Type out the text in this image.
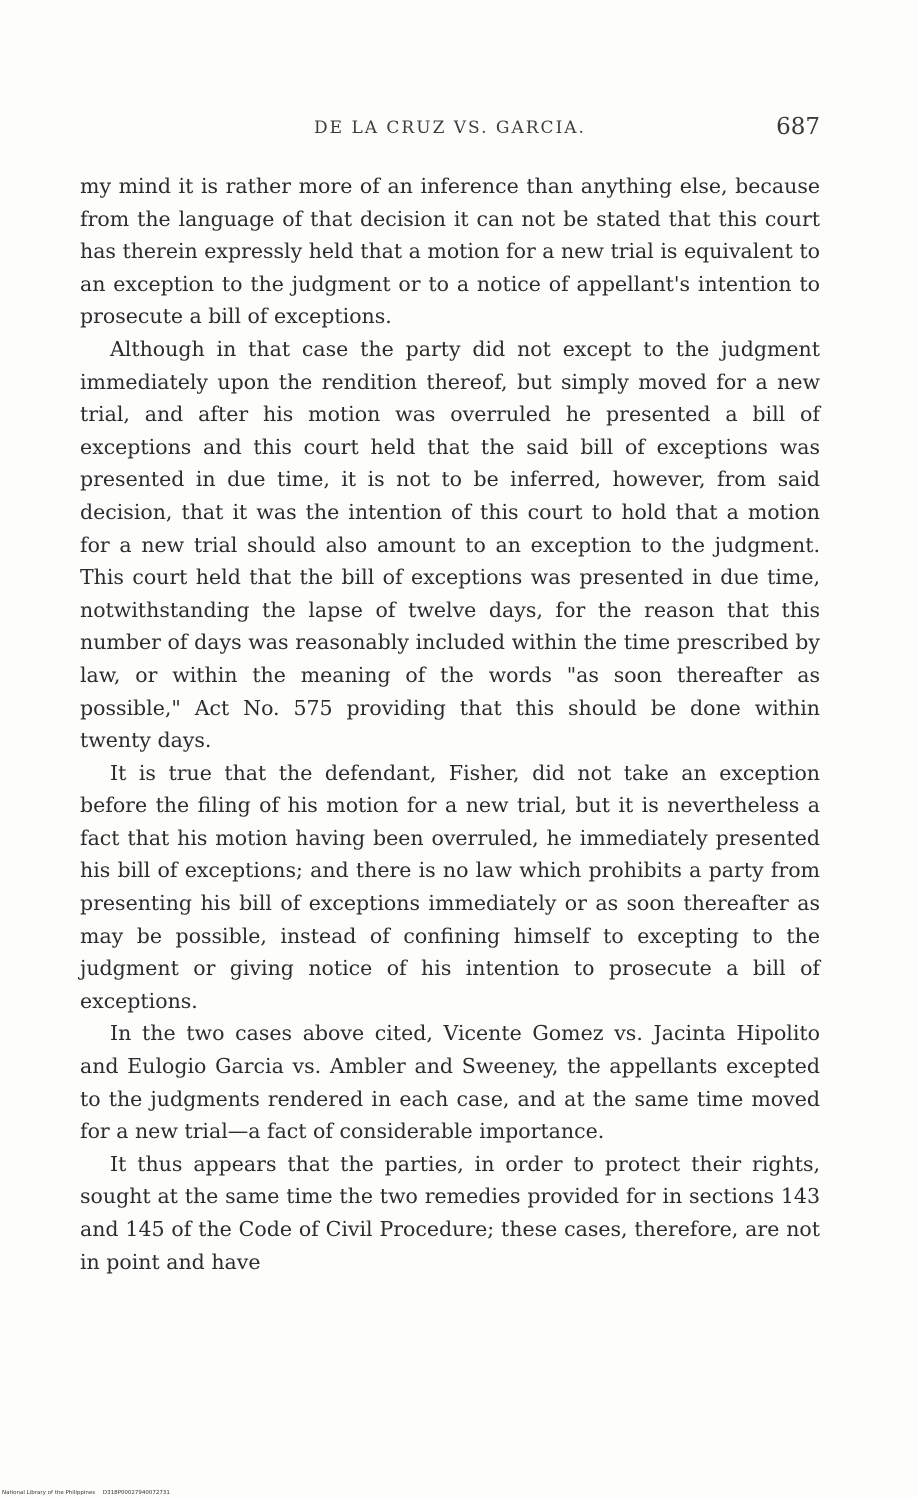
DE LA CRUZ VS. GARCIA.	687

my mind it is rather more of an inference than anything else, because from the language of that decision it can not be stated that this court has therein expressly held that a motion for a new trial is equivalent to an exception to the judgment or to a notice of appellant's intention to prosecute a bill of exceptions.

Although in that case the party did not except to the judgment immediately upon the rendition thereof, but simply moved for a new trial, and after his motion was overruled he presented a bill of exceptions and this court held that the said bill of exceptions was presented in due time, it is not to be inferred, however, from said decision, that it was the intention of this court to hold that a motion for a new trial should also amount to an exception to the judgment. This court held that the bill of exceptions was presented in due time, notwithstanding the lapse of twelve days, for the reason that this number of days was reasonably included within the time prescribed by law, or within the meaning of the words "as soon thereafter as possible," Act No. 575 providing that this should be done within twenty days.

It is true that the defendant, Fisher, did not take an exception before the filing of his motion for a new trial, but it is nevertheless a fact that his motion having been overruled, he immediately presented his bill of exceptions; and there is no law which prohibits a party from presenting his bill of exceptions immediately or as soon thereafter as may be possible, instead of confining himself to excepting to the judgment or giving notice of his intention to prosecute a bill of exceptions.

In the two cases above cited, Vicente Gomez vs. Jacinta Hipolito and Eulogio Garcia vs. Ambler and Sweeney, the appellants excepted to the judgments rendered in each case, and at the same time moved for a new trial—a fact of considerable importance.

It thus appears that the parties, in order to protect their rights, sought at the same time the two remedies provided for in sections 143 and 145 of the Code of Civil Procedure; these cases, therefore, are not in point and have

National Library of the Philippines D318P00027940072731
